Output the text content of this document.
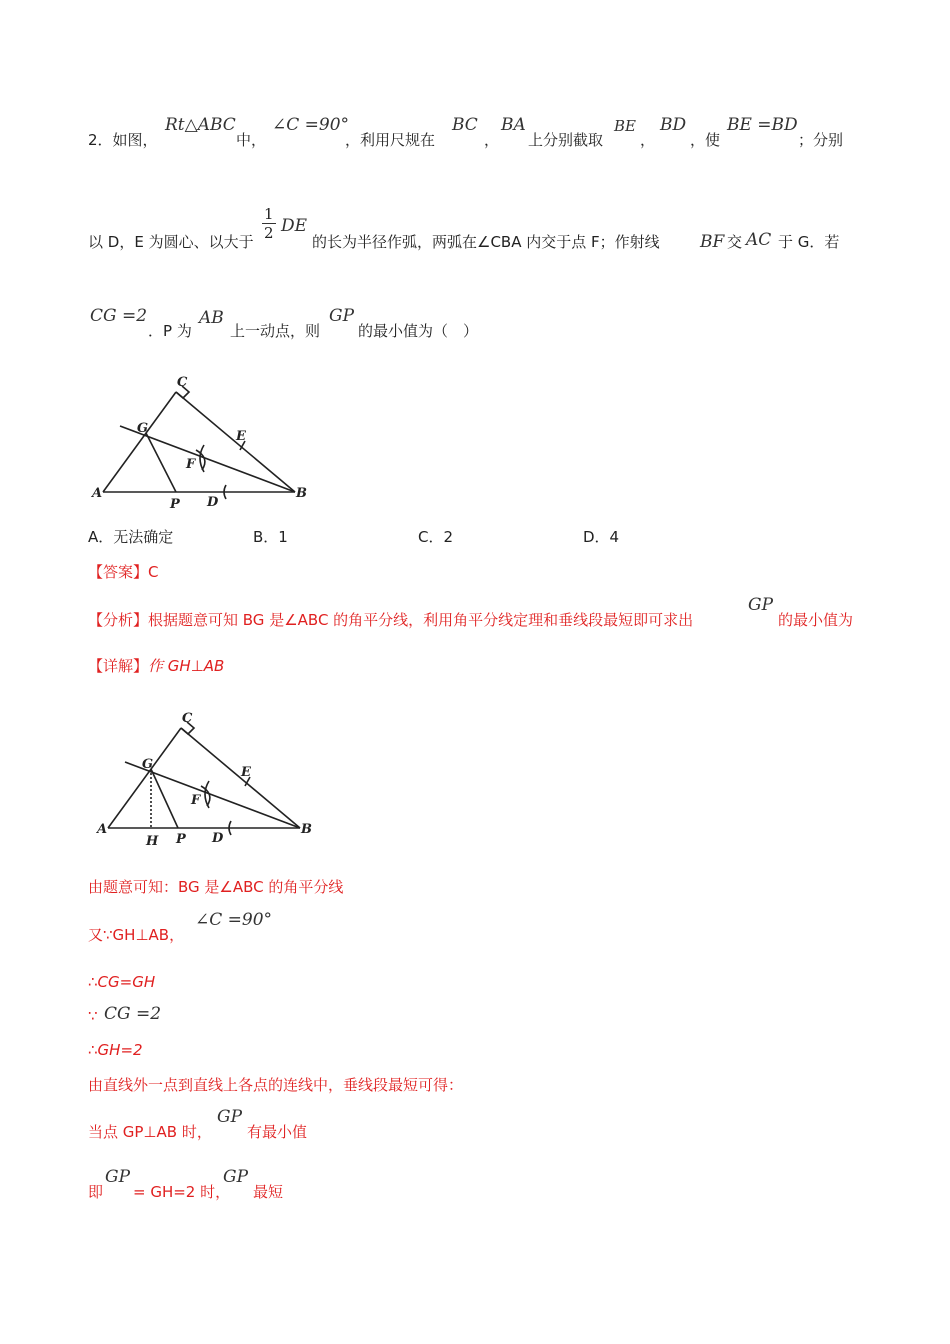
2．如图，
Rt△ABC
中，
∠C =90°
，利用尺规在
BC
，
BA
上分别截取
BE
，
BD
，使
BE =BD
；分别
以 D，E 为圆心、以大于 $\frac{1}{2}$ DE
的长为半径作弧，两弧在∠CBA 内交于点 F；作射线 BF 交 AC 于 G．若
CG =2
．P 为
AB
上一动点，则
GP
的最小值为（　）
C
G
E
F
A
P D
B
A．无法确定	B．1	C．2	D．4
【答案】C
【分析】根据题意可知 BG 是∠ABC 的角平分线，利用角平分线定理和垂线段最短即可求出
GP
的最小值为
【详解】作 GH⊥AB
C
G
E
F
A
H P D
B
由题意可知：BG 是∠ABC 的角平分线
又∵GH⊥AB，
∠C =90°
∴CG=GH
∵ CG =2
∴GH=2
由直线外一点到直线上各点的连线中，垂线段最短可得：
当点 GP⊥AB 时，
GP
有最小值
即
GP
= GH=2 时，
GP
最短
